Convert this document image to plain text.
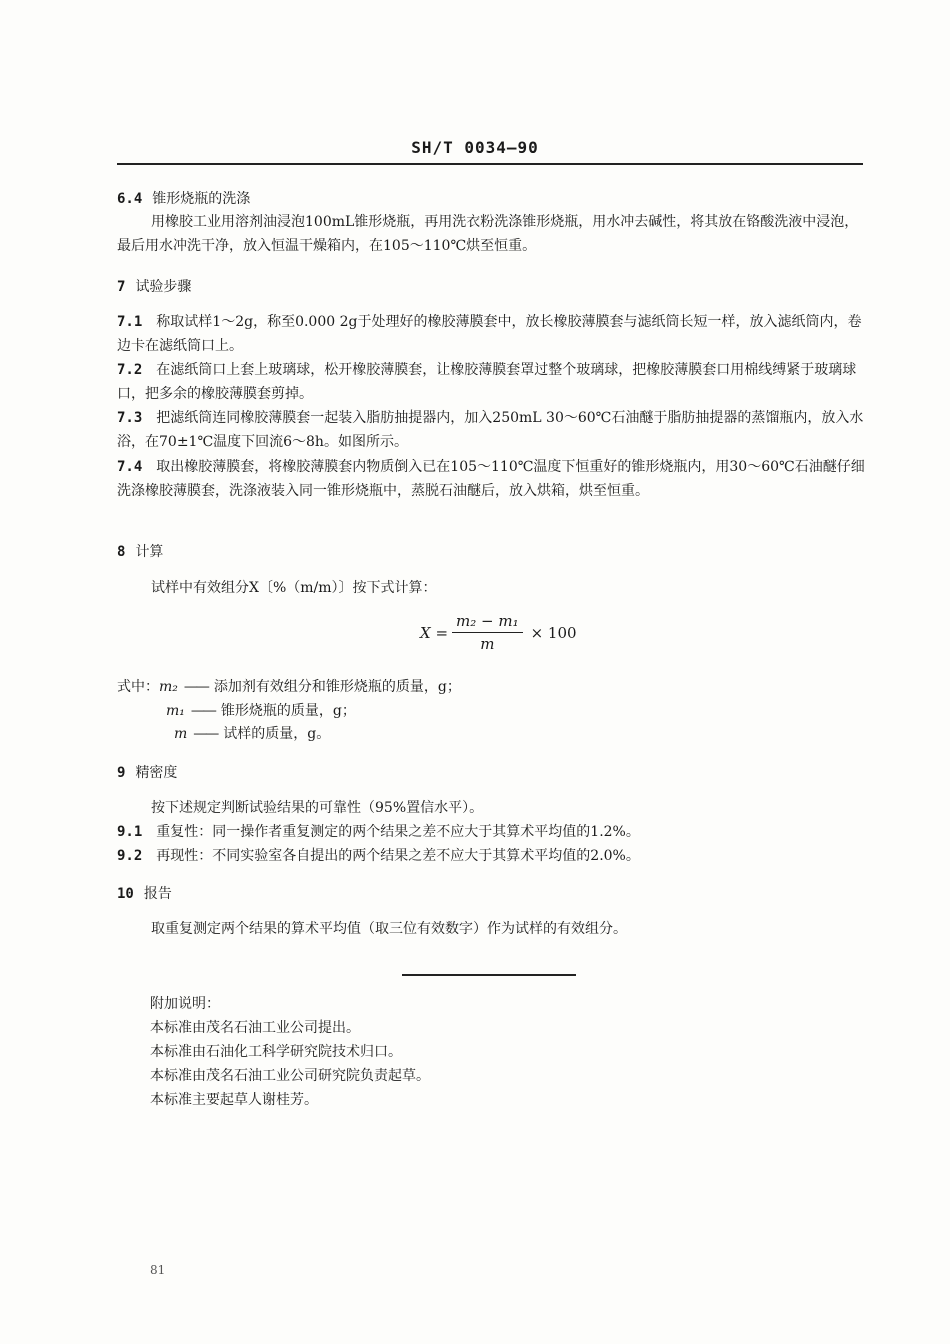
SH/T 0034—90
6.4 锥形烧瓶的洗涤
用橡胶工业用溶剂油浸泡100mL锥形烧瓶，再用洗衣粉洗涤锥形烧瓶，用水冲去碱性，将其放在铬酸洗液中浸泡，最后用水冲洗干净，放入恒温干燥箱内，在105～110℃烘至恒重。
7 试验步骤
7.1 称取试样1～2g，称至0.000 2g于处理好的橡胶薄膜套中，放长橡胶薄膜套与滤纸筒长短一样，放入滤纸筒内，卷边卡在滤纸筒口上。
7.2 在滤纸筒口上套上玻璃球，松开橡胶薄膜套，让橡胶薄膜套罩过整个玻璃球，把橡胶薄膜套口用棉线缚紧于玻璃球口，把多余的橡胶薄膜套剪掉。
7.3 把滤纸筒连同橡胶薄膜套一起装入脂肪抽提器内，加入250mL 30～60℃石油醚于脂肪抽提器的蒸馏瓶内，放入水浴，在70±1℃温度下回流6～8h。如图所示。
7.4 取出橡胶薄膜套，将橡胶薄膜套内物质倒入已在105～110℃温度下恒重好的锥形烧瓶内，用30～60℃石油醚仔细洗涤橡胶薄膜套，洗涤液装入同一锥形烧瓶中，蒸脱石油醚后，放入烘箱，烘至恒重。
8 计算
试样中有效组分X〔%（m/m）〕按下式计算：
$X = \frac{\text{m₂ − m₁}}{m} \times 100$
式中：m₂ —— 添加剂有效组分和锥形烧瓶的质量，g；
m₁ —— 锥形烧瓶的质量，g；
m —— 试样的质量，g。
9 精密度
按下述规定判断试验结果的可靠性（95%置信水平）。
9.1 重复性：同一操作者重复测定的两个结果之差不应大于其算术平均值的1.2%。
9.2 再现性：不同实验室各自提出的两个结果之差不应大于其算术平均值的2.0%。
10 报告
取重复测定两个结果的算术平均值（取三位有效数字）作为试样的有效组分。
附加说明：
本标准由茂名石油工业公司提出。
本标准由石油化工科学研究院技术归口。
本标准由茂名石油工业公司研究院负责起草。
本标准主要起草人谢桂芳。
81
